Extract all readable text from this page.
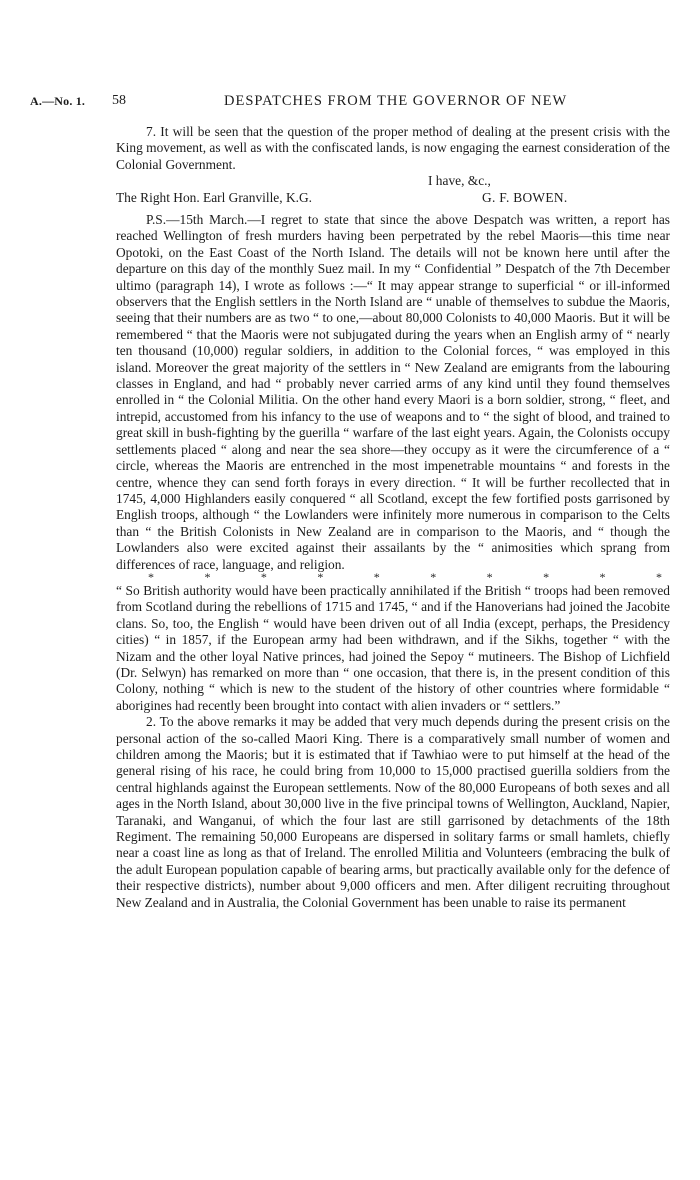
A.—No. 1. 58	DESPATCHES FROM THE GOVERNOR OF NEW

7. It will be seen that the question of the proper method of dealing at the present crisis with the King movement, as well as with the confiscated lands, is now engaging the earnest consideration of the Colonial Government.

I have, &c.,
The Right Hon. Earl Granville, K.G.	G. F. BOWEN.

P.S.—15th March.—I regret to state that since the above Despatch was written, a report has reached Wellington of fresh murders having been perpetrated by the rebel Maoris—this time near Opotoki, on the East Coast of the North Island. The details will not be known here until after the departure on this day of the monthly Suez mail. In my “ Confidential ” Despatch of the 7th December ultimo (paragraph 14), I wrote as follows :—“ It may appear strange to superficial “ or ill-informed observers that the English settlers in the North Island are “ unable of themselves to subdue the Maoris, seeing that their numbers are as two “ to one,—about 80,000 Colonists to 40,000 Maoris. But it will be remembered “ that the Maoris were not subjugated during the years when an English army of “ nearly ten thousand (10,000) regular soldiers, in addition to the Colonial forces, “ was employed in this island. Moreover the great majority of the settlers in “ New Zealand are emigrants from the labouring classes in England, and had “ probably never carried arms of any kind until they found themselves enrolled in “ the Colonial Militia. On the other hand every Maori is a born soldier, strong, “ fleet, and intrepid, accustomed from his infancy to the use of weapons and to “ the sight of blood, and trained to great skill in bush-fighting by the guerilla “ warfare of the last eight years. Again, the Colonists occupy settlements placed “ along and near the sea shore—they occupy as it were the circumference of a “ circle, whereas the Maoris are entrenched in the most impenetrable mountains “ and forests in the centre, whence they can send forth forays in every direction. “ It will be further recollected that in 1745, 4,000 Highlanders easily conquered “ all Scotland, except the few fortified posts garrisoned by English troops, although “ the Lowlanders were infinitely more numerous in comparison to the Celts than “ the British Colonists in New Zealand are in comparison to the Maoris, and “ though the Lowlanders also were excited against their assailants by the “ animosities which sprang from differences of race, language, and religion.

*	*	*	*	*	*	*	*	*	*

“ So British authority would have been practically annihilated if the British “ troops had been removed from Scotland during the rebellions of 1715 and 1745, “ and if the Hanoverians had joined the Jacobite clans. So, too, the English “ would have been driven out of all India (except, perhaps, the Presidency cities) “ in 1857, if the European army had been withdrawn, and if the Sikhs, together “ with the Nizam and the other loyal Native princes, had joined the Sepoy “ mutineers. The Bishop of Lichfield (Dr. Selwyn) has remarked on more than “ one occasion, that there is, in the present condition of this Colony, nothing “ which is new to the student of the history of other countries where formidable “ aborigines had recently been brought into contact with alien invaders or “ settlers.”

2. To the above remarks it may be added that very much depends during the present crisis on the personal action of the so-called Maori King. There is a comparatively small number of women and children among the Maoris; but it is estimated that if Tawhiao were to put himself at the head of the general rising of his race, he could bring from 10,000 to 15,000 practised guerilla soldiers from the central highlands against the European settlements. Now of the 80,000 Europeans of both sexes and all ages in the North Island, about 30,000 live in the five principal towns of Wellington, Auckland, Napier, Taranaki, and Wanganui, of which the four last are still garrisoned by detachments of the 18th Regiment. The remaining 50,000 Europeans are dispersed in solitary farms or small hamlets, chiefly near a coast line as long as that of Ireland. The enrolled Militia and Volunteers (embracing the bulk of the adult European population capable of bearing arms, but practically available only for the defence of their respective districts), number about 9,000 officers and men. After diligent recruiting throughout New Zealand and in Australia, the Colonial Government has been unable to raise its permanent
